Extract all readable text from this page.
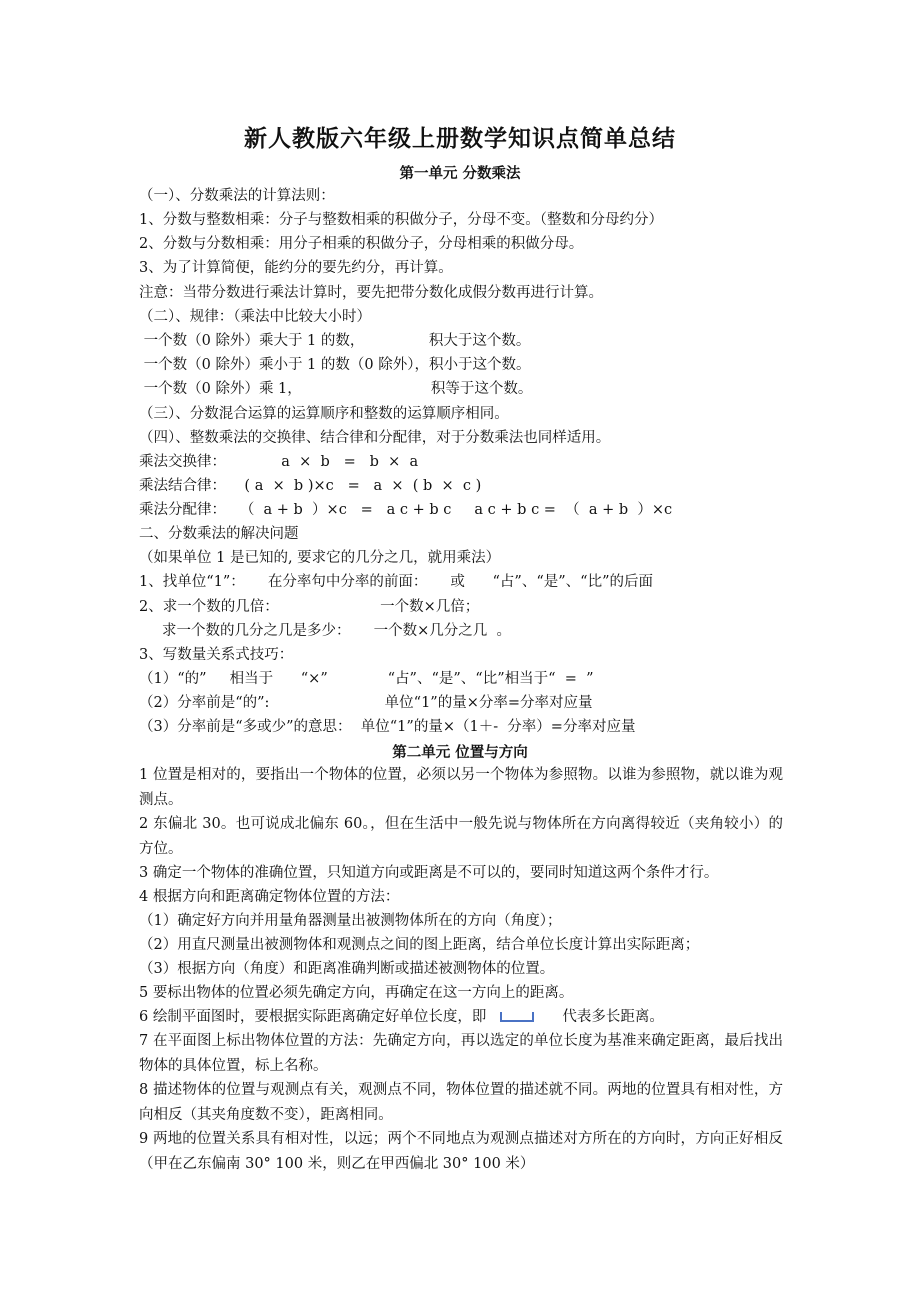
新人教版六年级上册数学知识点简单总结
第一单元 分数乘法
（一）、分数乘法的计算法则：
1、分数与整数相乘：分子与整数相乘的积做分子，分母不变。（整数和分母约分）
2、分数与分数相乘：用分子相乘的积做分子，分母相乘的积做分母。
3、为了计算简便，能约分的要先约分，再计算。
注意：当带分数进行乘法计算时，要先把带分数化成假分数再进行计算。
（二）、规律：（乘法中比较大小时）
一个数（0 除外）乘大于 1 的数，              积大于这个数。
一个数（0 除外）乘小于 1 的数（0 除外），积小于这个数。
一个数（0 除外）乘 1，                            积等于这个数。
（三）、分数混合运算的运算顺序和整数的运算顺序相同。
（四）、整数乘法的交换律、结合律和分配律，对于分数乘法也同样适用。
乘法交换律：            a  ×  b   =   b  ×  a
乘法结合律：    ( a  ×  b )×c   =   a  ×  ( b  ×  c )
乘法分配律：   （  a + b  ）×c   =   a c + b c     a c + b c =  （  a + b  ）×c
二、分数乘法的解决问题
（如果单位 1 是已知的, 要求它的几分之几，就用乘法）
1、找单位“1”：     在分率句中分率的前面：     或      “占”、“是”、“比”的后面
2、求一个数的几倍：                      一个数×几倍；
求一个数的几分之几是多少：     一个数×几分之几  。
3、写数量关系式技巧：
（1）“的”     相当于      “×”             “占”、“是”、“比”相当于“  =  ”
（2）分率前是“的”:                         单位“1”的量×分率=分率对应量
（3）分率前是“多或少”的意思：  单位“1”的量×（1＋-  分率）=分率对应量
第二单元 位置与方向
1 位置是相对的，要指出一个物体的位置，必须以另一个物体为参照物。以谁为参照物，就以谁为观测点。
2 东偏北 30。也可说成北偏东 60。，但在生活中一般先说与物体所在方向离得较近（夹角较小）的方位。
3 确定一个物体的准确位置，只知道方向或距离是不可以的，要同时知道这两个条件才行。
4 根据方向和距离确定物体位置的方法：
（1）确定好方向并用量角器测量出被测物体所在的方向（角度）；
（2）用直尺测量出被测物体和观测点之间的图上距离，结合单位长度计算出实际距离；
（3）根据方向（角度）和距离准确判断或描述被测物体的位置。
5 要标出物体的位置必须先确定方向，再确定在这一方向上的距离。
6 绘制平面图时，要根据实际距离确定好单位长度，即	代表多长距离。
7 在平面图上标出物体位置的方法：先确定方向，再以选定的单位长度为基准来确定距离，最后找出物体的具体位置，标上名称。
8 描述物体的位置与观测点有关，观测点不同，物体位置的描述就不同。两地的位置具有相对性，方向相反（其夹角度数不变），距离相同。
9 两地的位置关系具有相对性，以远；两个不同地点为观测点描述对方所在的方向时，方向正好相反（甲在乙东偏南 30° 100 米，则乙在甲西偏北 30° 100 米）
